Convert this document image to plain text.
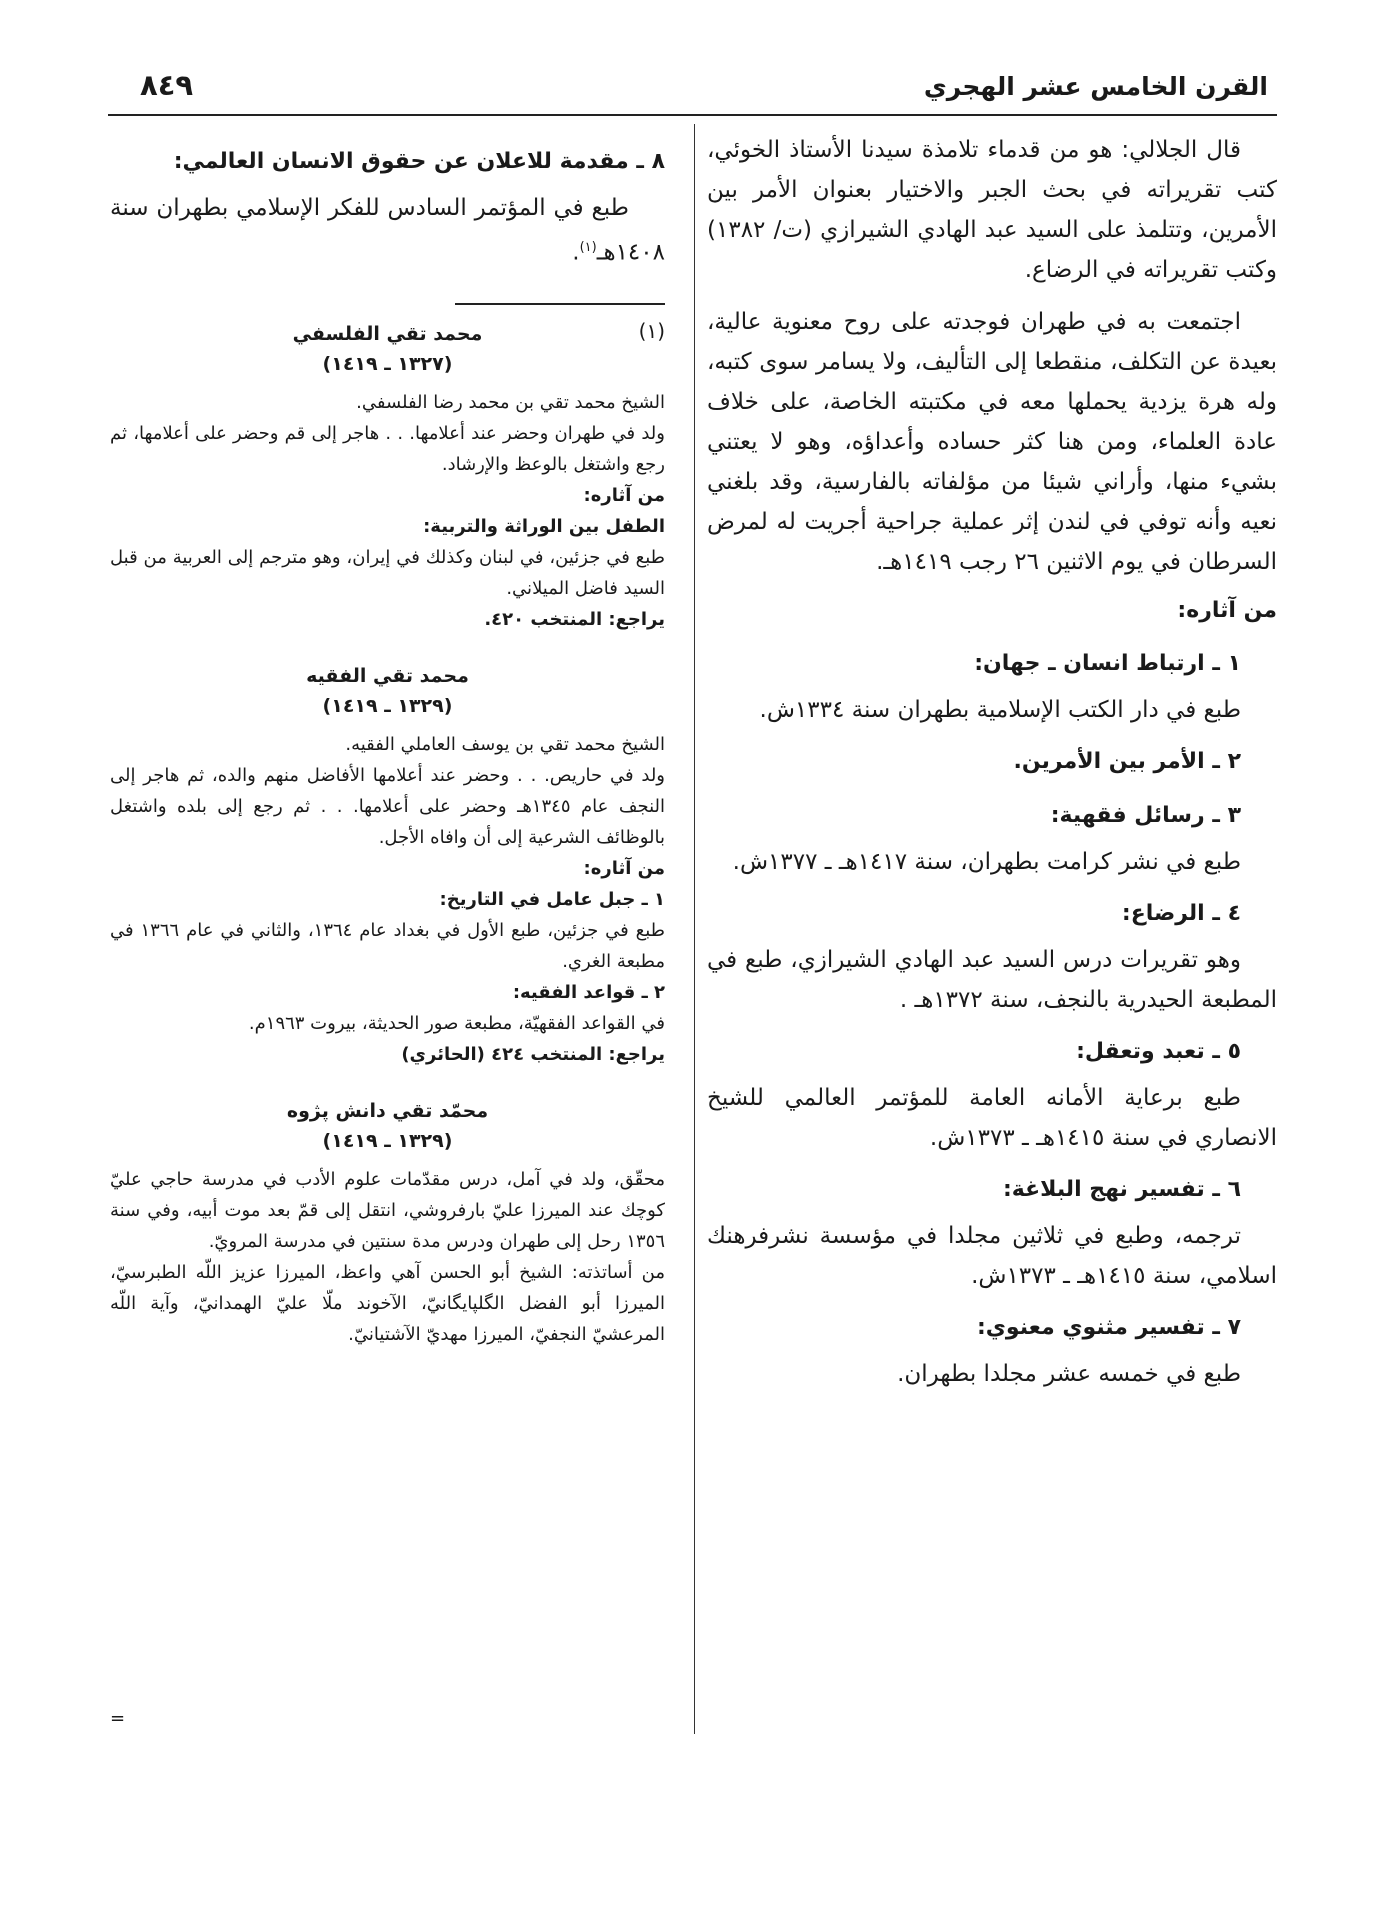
القرن الخامس عشر الهجري
٨٤٩

قال الجلالي: هو من قدماء تلامذة سيدنا الأستاذ الخوئي، كتب تقريراته في بحث الجبر والاختيار بعنوان الأمر بين الأمرين، وتتلمذ على السيد عبد الهادي الشيرازي (ت/ ١٣٨٢) وكتب تقريراته في الرضاع.

اجتمعت به في طهران فوجدته على روح معنوية عالية، بعيدة عن التكلف، منقطعا إلى التأليف، ولا يسامر سوى كتبه، وله هرة يزدية يحملها معه في مكتبته الخاصة، على خلاف عادة العلماء، ومن هنا كثر حساده وأعداؤه، وهو لا يعتني بشيء منها، وأراني شيئا من مؤلفاته بالفارسية، وقد بلغني نعيه وأنه توفي في لندن إثر عملية جراحية أجريت له لمرض السرطان في يوم الاثنين ٢٦ رجب ١٤١٩هـ.

من آثاره:

١ ـ ارتباط انسان ـ جهان:

طبع في دار الكتب الإسلامية بطهران سنة ١٣٣٤ش.

٢ ـ الأمر بين الأمرين.

٣ ـ رسائل فقهية:

طبع في نشر كرامت بطهران، سنة ١٤١٧هـ ـ ١٣٧٧ش.

٤ ـ الرضاع:

وهو تقريرات درس السيد عبد الهادي الشيرازي، طبع في المطبعة الحيدرية بالنجف، سنة ١٣٧٢هـ .

٥ ـ تعبد وتعقل:

طبع برعاية الأمانه العامة للمؤتمر العالمي للشيخ الانصاري في سنة ١٤١٥هـ ـ ١٣٧٣ش.

٦ ـ تفسير نهج البلاغة:

ترجمه، وطبع في ثلاثين مجلدا في مؤسسة نشرفرهنك اسلامي، سنة ١٤١٥هـ ـ ١٣٧٣ش.

٧ ـ تفسير مثنوي معنوي:

طبع في خمسه عشر مجلدا بطهران.

٨ ـ مقدمة للاعلان عن حقوق الانسان العالمي:

طبع في المؤتمر السادس للفكر الإسلامي بطهران سنة ١٤٠٨هـ$^{(١)}$.

(١)
محمد تقي الفلسفي
(١٣٢٧ ـ ١٤١٩)

الشيخ محمد تقي بن محمد رضا الفلسفي.

ولد في طهران وحضر عند أعلامها. . . هاجر إلى قم وحضر على أعلامها، ثم رجع واشتغل بالوعظ والإرشاد.

من آثاره:

الطفل بين الوراثة والتربية:

طبع في جزئين، في لبنان وكذلك في إيران، وهو مترجم إلى العربية من قبل السيد فاضل الميلاني.

يراجع: المنتخب ٤٢٠.

محمد تقي الفقيه
(١٣٢٩ ـ ١٤١٩)

الشيخ محمد تقي بن يوسف العاملي الفقيه.

ولد في حاريص. . . وحضر عند أعلامها الأفاضل منهم والده، ثم هاجر إلى النجف عام ١٣٤٥هـ وحضر على أعلامها. . . ثم رجع إلى بلده واشتغل بالوظائف الشرعية إلى أن وافاه الأجل.

من آثاره:

١ ـ جبل عامل في التاريخ:

طبع في جزئين، طبع الأول في بغداد عام ١٣٦٤، والثاني في عام ١٣٦٦ في مطبعة الغري.

٢ ـ قواعد الفقيه:

في القواعد الفقهيّة، مطبعة صور الحديثة، بيروت ١٩٦٣م.

يراجع: المنتخب ٤٢٤ (الحائري)

محمّد تقي دانش پژوه
(١٣٢٩ ـ ١٤١٩)

محقّق، ولد في آمل، درس مقدّمات علوم الأدب في مدرسة حاجي عليّ كوچك عند الميرزا عليّ بارفروشي، انتقل إلى قمّ بعد موت أبيه، وفي سنة ١٣٥٦ رحل إلى طهران ودرس مدة سنتين في مدرسة المرويّ.

من أساتذته: الشيخ أبو الحسن آهي واعظ، الميرزا عزيز اللّه الطبرسيّ، الميرزا أبو الفضل الگلپايگانيّ، الآخوند ملّا عليّ الهمدانيّ، وآية اللّه المرعشيّ النجفيّ، الميرزا مهديّ الآشتيانيّ.

=
